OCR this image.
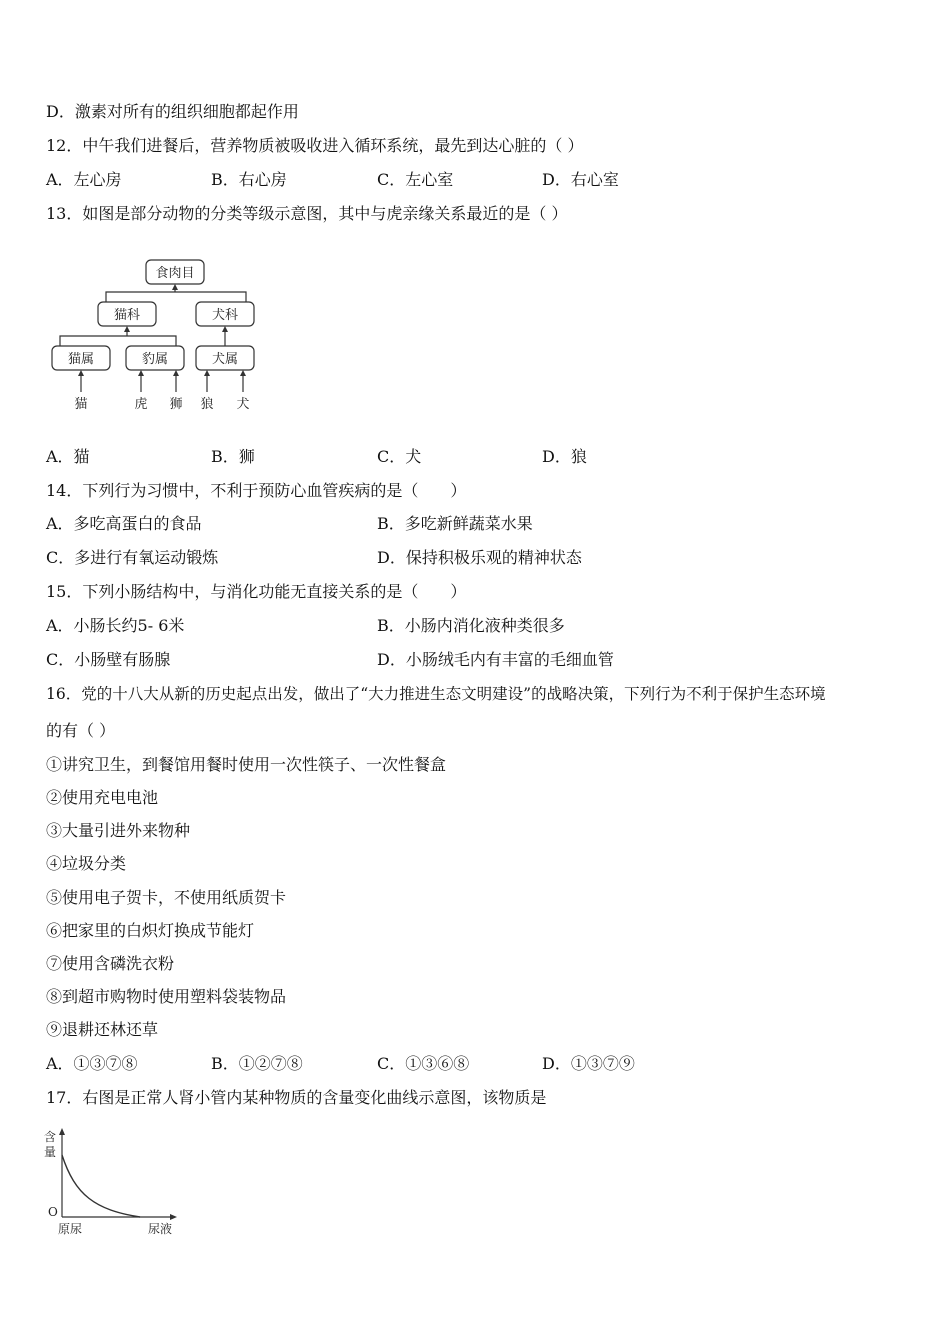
D．激素对所有的组织细胞都起作用
12．中午我们进餐后，营养物质被吸收进入循环系统，最先到达心脏的（ ）
A．左心房	B．右心房	C．左心室	D．右心室
13．如图是部分动物的分类等级示意图，其中与虎亲缘关系最近的是（ ）
食肉目
猫科	犬科
猫属	豹属	犬属
猫	虎 狮 狼 犬
A．猫	B．狮	C．犬	D．狼
14．下列行为习惯中，不利于预防心血管疾病的是（　　）
A．多吃高蛋白的食品	B．多吃新鲜蔬菜水果
C．多进行有氧运动锻炼	D．保持积极乐观的精神状态
15．下列小肠结构中，与消化功能无直接关系的是（　　）
A．小肠长约5- 6米	B．小肠内消化液种类很多
C．小肠壁有肠腺	D．小肠绒毛内有丰富的毛细血管
16．党的十八大从新的历史起点出发，做出了“大力推进生态文明建设”的战略决策，下列行为不利于保护生态环境
的有（ ）
①讲究卫生，到餐馆用餐时使用一次性筷子、一次性餐盒
②使用充电电池
③大量引进外来物种
④垃圾分类
⑤使用电子贺卡，不使用纸质贺卡
⑥把家里的白炽灯换成节能灯
⑦使用含磷洗衣粉
⑧到超市购物时使用塑料袋装物品
⑨退耕还林还草
A．①③⑦⑧	B．①②⑦⑧	C．①③⑥⑧	D．①③⑦⑨
17．右图是正常人肾小管内某种物质的含量变化曲线示意图，该物质是
含
量
O
原尿	尿液
